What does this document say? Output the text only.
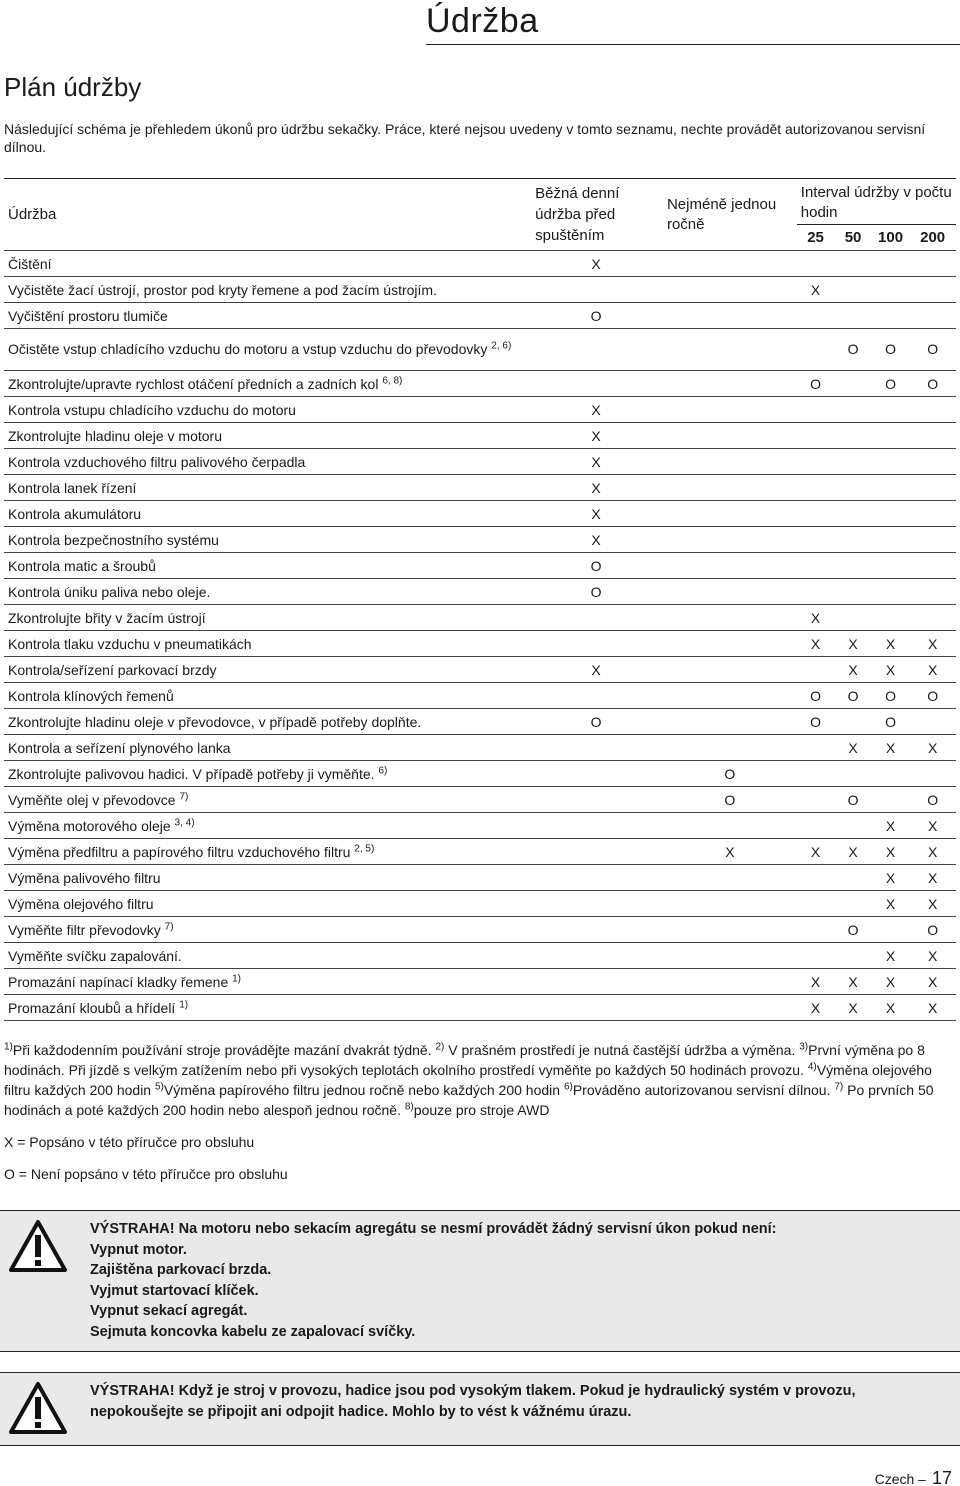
Údržba
Plán údržby

Následující schéma je přehledem úkonů pro údržbu sekačky. Práce, které nejsou uvedeny v tomto seznamu, nechte provádět autorizovanou servisní dílnou.

Údržba	Běžná denní údržba před spuštěním	Nejméně jednou ročně	Interval údržby v počtu hodin			
			25	50	100	200
Čištění	X					
Vyčistěte žací ústrojí, prostor pod kryty řemene a pod žacím ústrojím.			X			
Vyčištění prostoru tlumiče	O					
Očistěte vstup chladícího vzduchu do motoru a vstup vzduchu do převodovky $^{2, 6)}$				O	O	O
Zkontrolujte/upravte rychlost otáčení předních a zadních kol $^{6, 8)}$			O		O	O
Kontrola vstupu chladícího vzduchu do motoru	X					
Zkontrolujte hladinu oleje v motoru	X					
Kontrola vzduchového filtru palivového čerpadla	X					
Kontrola lanek řízení	X					
Kontrola akumulátoru	X					
Kontrola bezpečnostního systému	X					
Kontrola matic a šroubů	O					
Kontrola úniku paliva nebo oleje.	O					
Zkontrolujte břity v žacím ústrojí			X			
Kontrola tlaku vzduchu v pneumatikách			X	X	X	X
Kontrola/seřízení parkovací brzdy	X			X	X	X
Kontrola klínových řemenů			O	O	O	O
Zkontrolujte hladinu oleje v převodovce, v případě potřeby doplňte.	O		O		O	
Kontrola a seřízení plynového lanka				X	X	X
Zkontrolujte palivovou hadici. V případě potřeby ji vyměňte. $^{6)}$		O				
Vyměňte olej v převodovce $^{7)}$		O		O		O
Výměna motorového oleje $^{3, 4)}$					X	X
Výměna předfiltru a papírového filtru vzduchového filtru $^{2, 5)}$		X	X	X	X	X
Výměna palivového filtru					X	X
Výměna olejového filtru					X	X
Vyměňte filtr převodovky $^{7)}$				O		O
Vyměňte svíčku zapalování.					X	X
Promazání napínací kladky řemene $^{1)}$			X	X	X	X
Promazání kloubů a hřídelí $^{1)}$			X	X	X	X
$^{1)}$Při každodenním používání stroje provádějte mazání dvakrát týdně. $^{2)}$ V prašném prostředí je nutná častější údržba a výměna. $^{3)}$První výměna po 8 hodinách. Při jízdě s velkým zatížením nebo při vysokých teplotách okolního prostředí vyměňte po každých 50 hodinách provozu. $^{4)}$Výměna olejového filtru každých 200 hodin $^{5)}$Výměna papírového filtru jednou ročně nebo každých 200 hodin $^{6)}$Prováděno autorizovanou servisní dílnou. $^{7)}$ Po prvních 50 hodinách a poté každých 200 hodin nebo alespoň jednou ročně. $^{8)}$pouze pro stroje AWD
X = Popsáno v této příručce pro obsluhu
O = Není popsáno v této příručce pro obsluhu
VÝSTRAHA! Na motoru nebo sekacím agregátu se nesmí provádět žádný servisní úkon pokud není:
Vypnut motor.
Zajištěna parkovací brzda.
Vyjmut startovací klíček.
Vypnut sekací agregát.
Sejmuta koncovka kabelu ze zapalovací svíčky.
VÝSTRAHA! Když je stroj v provozu, hadice jsou pod vysokým tlakem. Pokud je hydraulický systém v provozu, nepokoušejte se připojit ani odpojit hadice. Mohlo by to vést k vážnému úrazu.
Czech – 17
